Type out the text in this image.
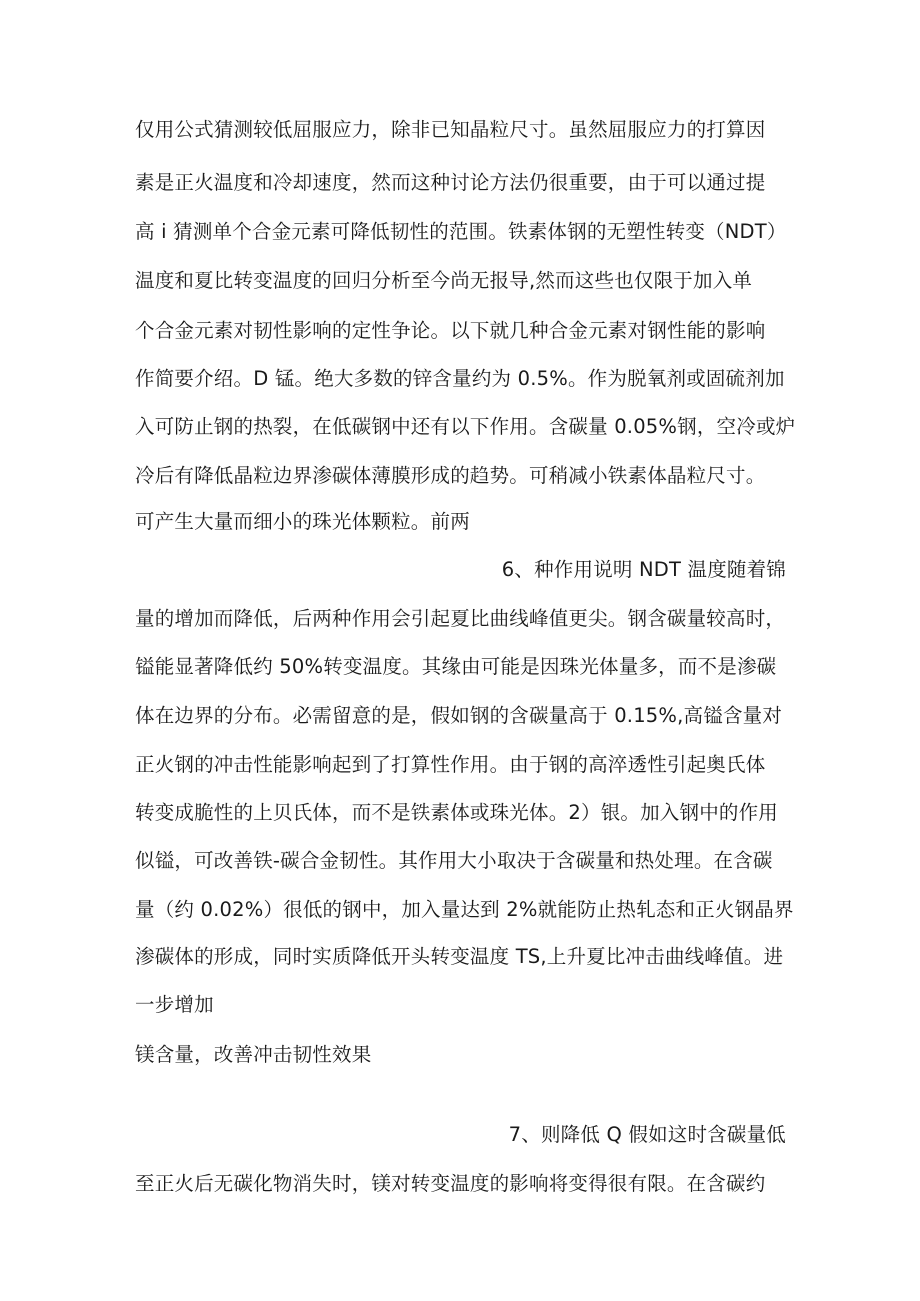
仅用公式猜测较低屈服应力，除非已知晶粒尺寸。虽然屈服应力的打算因
素是正火温度和冷却速度，然而这种讨论方法仍很重要，由于可以通过提
高 i 猜测单个合金元素可降低韧性的范围。铁素体钢的无塑性转变（NDT）
温度和夏比转变温度的回归分析至今尚无报导,然而这些也仅限于加入单
个合金元素对韧性影响的定性争论。以下就几种合金元素对钢性能的影响
作简要介绍。D 锰。绝大多数的锌含量约为 0.5%。作为脱氧剂或固硫剂加
入可防止钢的热裂，在低碳钢中还有以下作用。含碳量 0.05%钢，空冷或炉
冷后有降低晶粒边界渗碳体薄膜形成的趋势。可稍减小铁素体晶粒尺寸。
可产生大量而细小的珠光体颗粒。前两
6、种作用说明 NDT 温度随着锦
量的增加而降低，后两种作用会引起夏比曲线峰值更尖。钢含碳量较高时，
镒能显著降低约 50%转变温度。其缘由可能是因珠光体量多，而不是渗碳
体在边界的分布。必需留意的是，假如钢的含碳量高于 0.15%,高镒含量对
正火钢的冲击性能影响起到了打算性作用。由于钢的高淬透性引起奥氏体
转变成脆性的上贝氏体，而不是铁素体或珠光体。2）银。加入钢中的作用
似镒，可改善铁-碳合金韧性。其作用大小取决于含碳量和热处理。在含碳
量（约 0.02%）很低的钢中，加入量达到 2%就能防止热轧态和正火钢晶界
渗碳体的形成，同时实质降低开头转变温度 TS,上升夏比冲击曲线峰值。进
一步增加
镁含量，改善冲击韧性效果
7、则降低 Q 假如这时含碳量低
至正火后无碳化物消失时，镁对转变温度的影响将变得很有限。在含碳约
